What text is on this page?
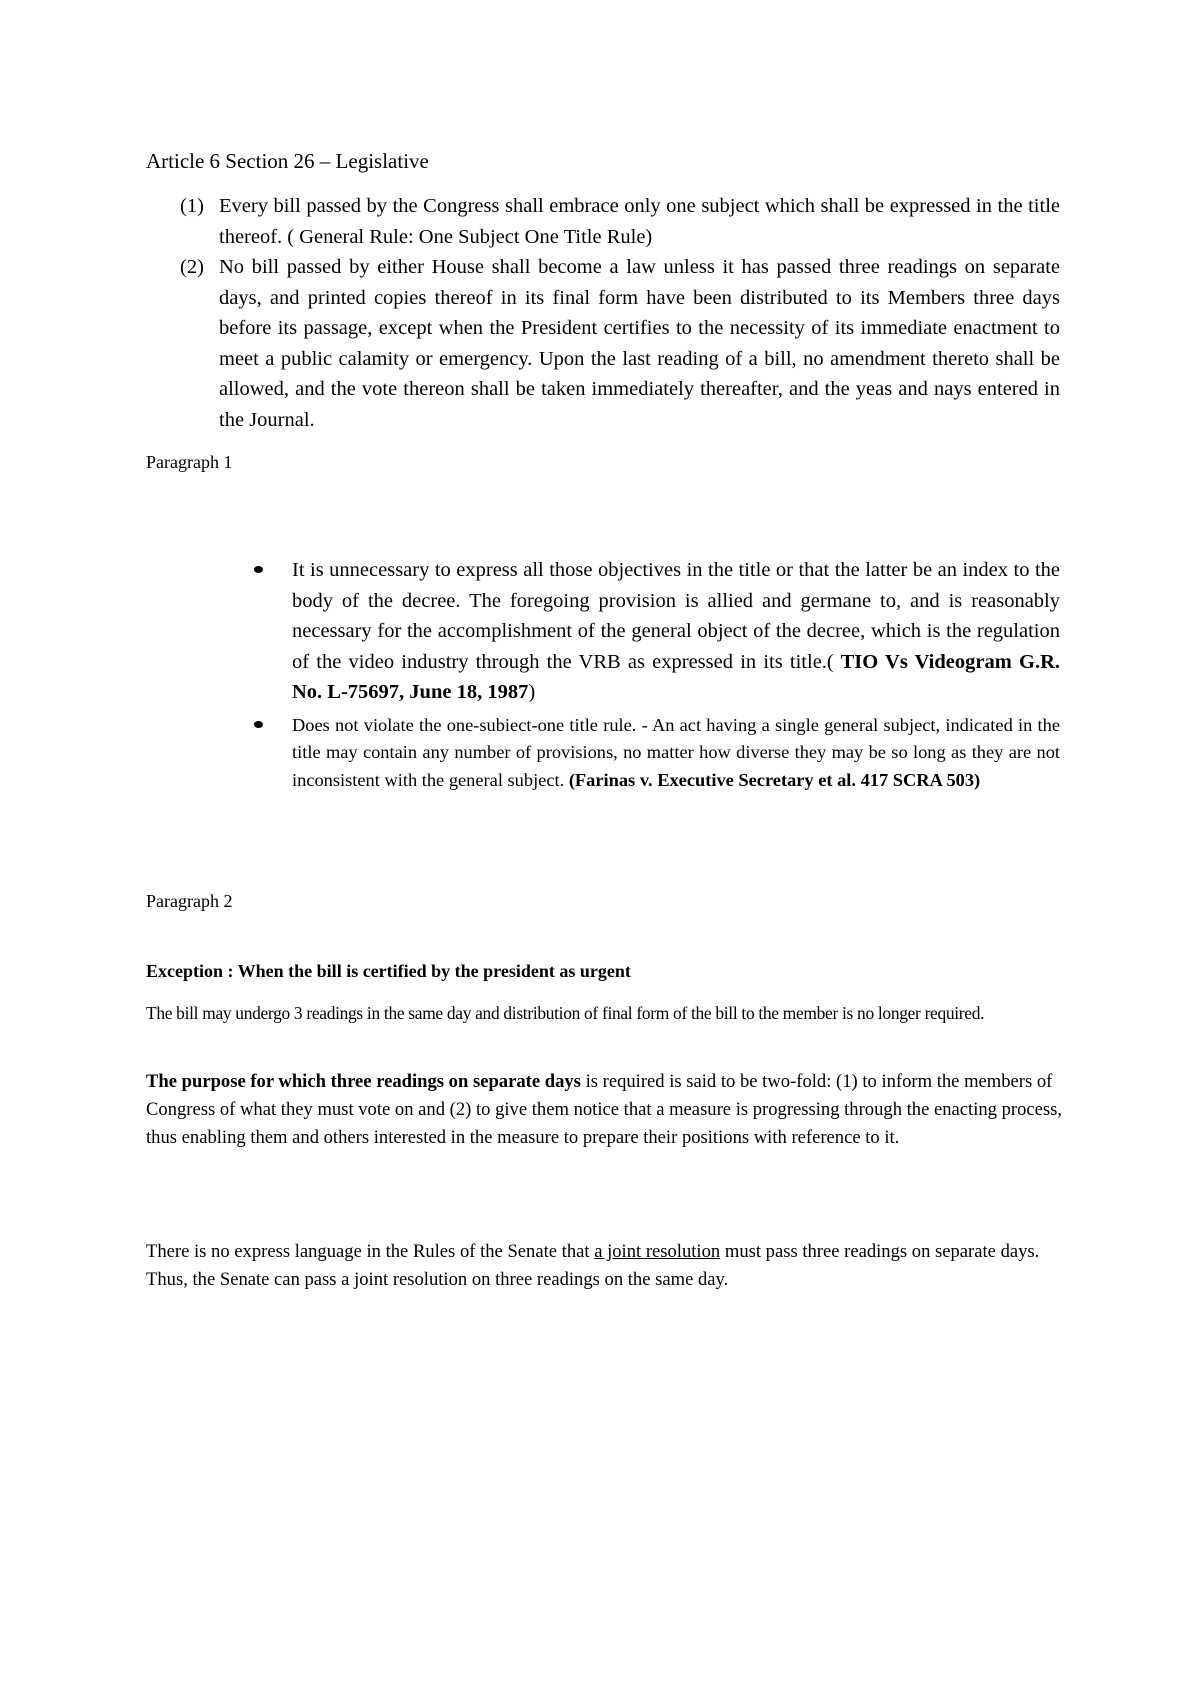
Article 6 Section 26 – Legislative
(1) Every bill passed by the Congress shall embrace only one subject which shall be expressed in the title thereof. ( General Rule: One Subject One Title Rule)
(2) No bill passed by either House shall become a law unless it has passed three readings on separate days, and printed copies thereof in its final form have been distributed to its Members three days before its passage, except when the President certifies to the necessity of its immediate enactment to meet a public calamity or emergency. Upon the last reading of a bill, no amendment thereto shall be allowed, and the vote thereon shall be taken immediately thereafter, and the yeas and nays entered in the Journal.
Paragraph 1
It is unnecessary to express all those objectives in the title or that the latter be an index to the body of the decree. The foregoing provision is allied and germane to, and is reasonably necessary for the accomplishment of the general object of the decree, which is the regulation of the video industry through the VRB as expressed in its title.( TIO Vs Videogram G.R. No. L-75697, June 18, 1987)
Does not violate the one-subiect-one title rule. - An act having a single general subject, indicated in the title may contain any number of provisions, no matter how diverse they may be so long as they are not inconsistent with the general subject. (Farinas v. Executive Secretary et al. 417 SCRA 503)
Paragraph 2

Exception : When the bill is certified by the president as urgent

The bill may undergo 3 readings in the same day and distribution of final form of the bill to the member is no longer required.

The purpose for which three readings on separate days is required is said to be two-fold: (1) to inform the members of Congress of what they must vote on and (2) to give them notice that a measure is progressing through the enacting process, thus enabling them and others interested in the measure to prepare their positions with reference to it.

There is no express language in the Rules of the Senate that a joint resolution must pass three readings on separate days. Thus, the Senate can pass a joint resolution on three readings on the same day.
